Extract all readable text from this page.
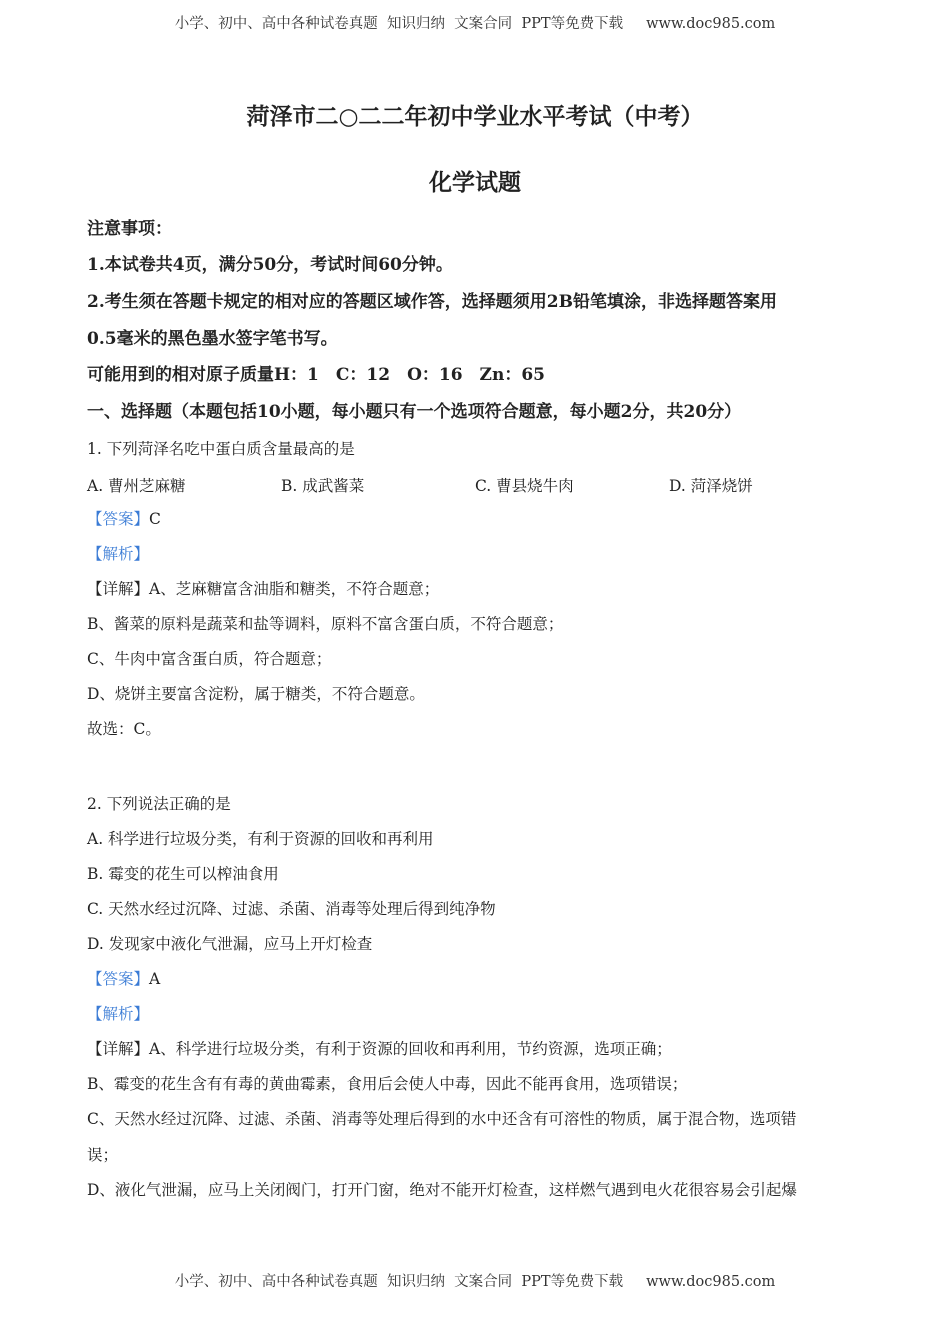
小学、初中、高中各种试卷真题  知识归纳  文案合同  PPT等免费下载     www.doc985.com
菏泽市二○二二年初中学业水平考试（中考）
化学试题
注意事项：
1.本试卷共4页，满分50分，考试时间60分钟。
2.考生须在答题卡规定的相对应的答题区域作答，选择题须用2B铅笔填涂，非选择题答案用
0.5毫米的黑色墨水签字笔书写。
可能用到的相对原子质量H：1　C：12　O：16　Zn：65
一、选择题（本题包括10小题，每小题只有一个选项符合题意，每小题2分，共20分）
1. 下列菏泽名吃中蛋白质含量最高的是
A. 曹州芝麻糖	B. 成武酱菜	C. 曹县烧牛肉	D. 菏泽烧饼
【答案】C
【解析】
【详解】A、芝麻糖富含油脂和糖类，不符合题意；
B、酱菜的原料是蔬菜和盐等调料，原料不富含蛋白质，不符合题意；
C、牛肉中富含蛋白质，符合题意；
D、烧饼主要富含淀粉，属于糖类，不符合题意。
故选：C。
2. 下列说法正确的是
A. 科学进行垃圾分类，有利于资源的回收和再利用
B. 霉变的花生可以榨油食用
C. 天然水经过沉降、过滤、杀菌、消毒等处理后得到纯净物
D. 发现家中液化气泄漏，应马上开灯检查
【答案】A
【解析】
【详解】A、科学进行垃圾分类，有利于资源的回收和再利用，节约资源，选项正确；
B、霉变的花生含有有毒的黄曲霉素，食用后会使人中毒，因此不能再食用，选项错误；
C、天然水经过沉降、过滤、杀菌、消毒等处理后得到的水中还含有可溶性的物质，属于混合物，选项错
误；
D、液化气泄漏，应马上关闭阀门，打开门窗，绝对不能开灯检查，这样燃气遇到电火花很容易会引起爆
小学、初中、高中各种试卷真题  知识归纳  文案合同  PPT等免费下载     www.doc985.com
